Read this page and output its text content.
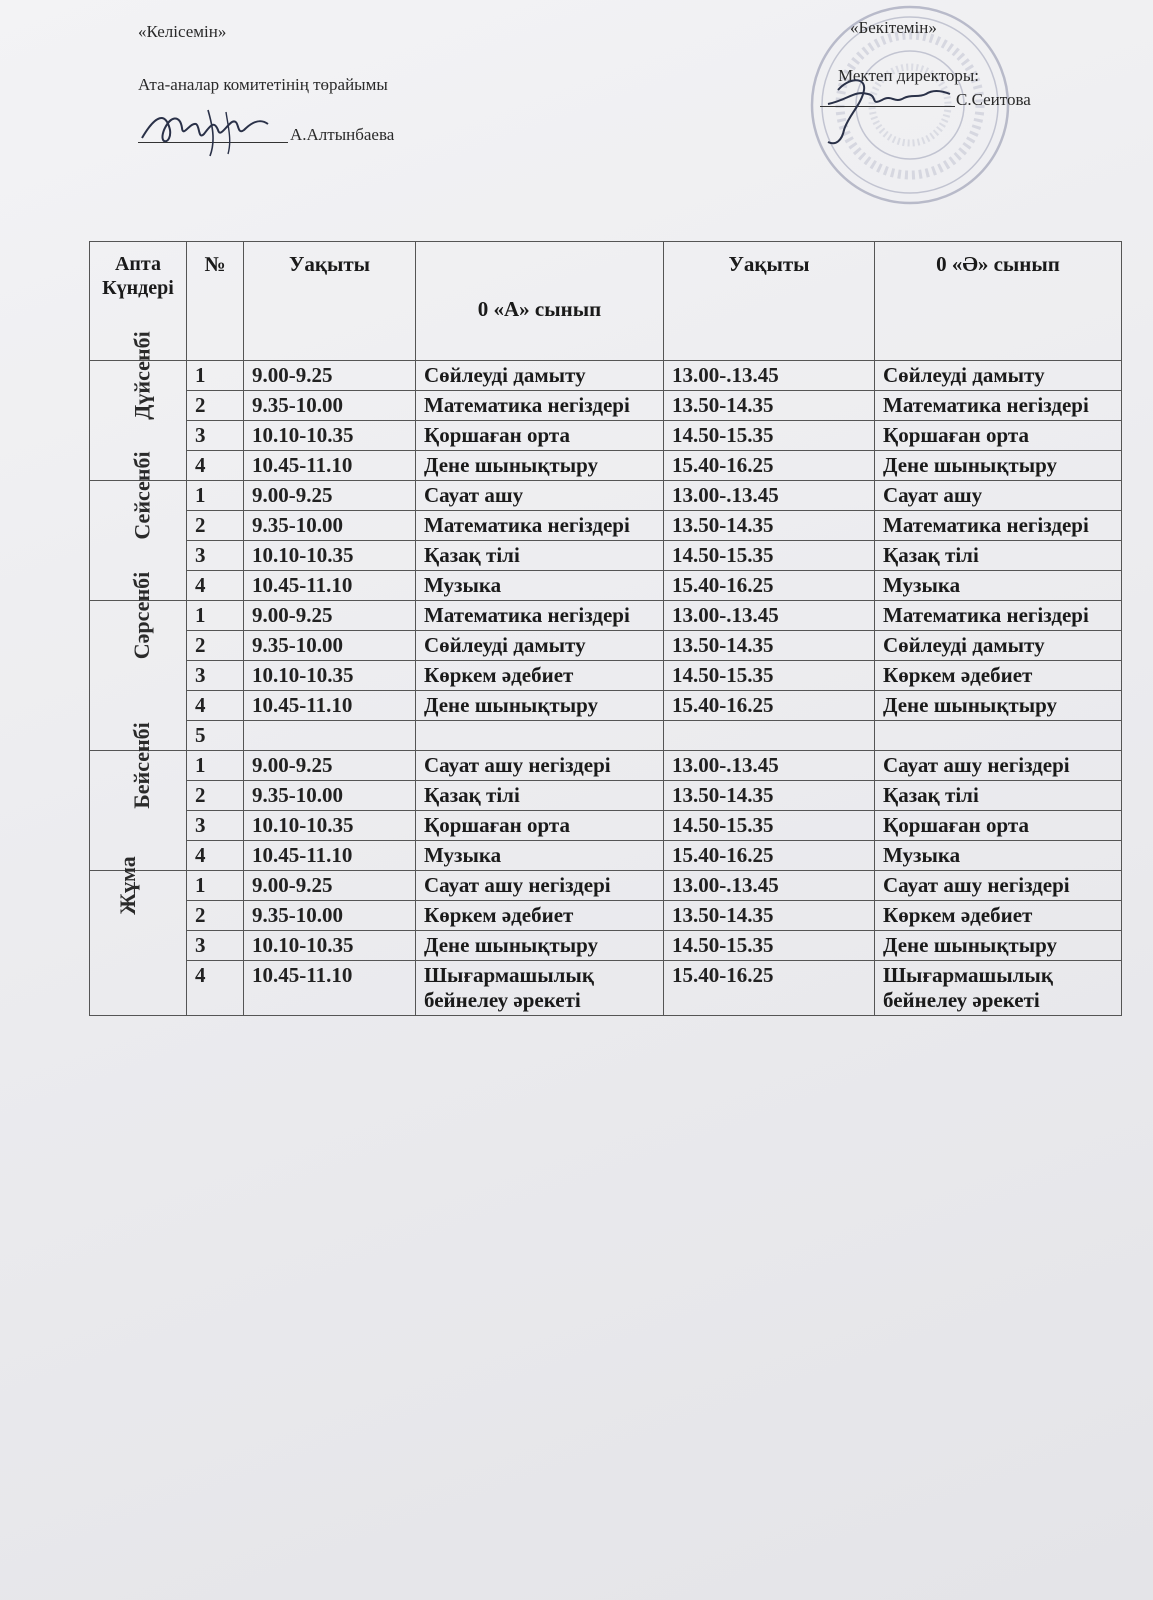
«Келісемін»
Ата-аналар комитетінің төрайымы
А.Алтынбаева
«Бекітемін»
Мектеп директоры:
С.Сеитова
Апта Күндері	№	Уақыты	0 «А» сынып	Уақыты	0 «Ә» сынып
Дүйсенбі	1	9.00-9.25	Сөйлеуді дамыту	13.00-.13.45	Сөйлеуді дамыту
	2	9.35-10.00	Математика негіздері	13.50-14.35	Математика негіздері
	3	10.10-10.35	Қоршаған орта	14.50-15.35	Қоршаған орта
	4	10.45-11.10	Дене шынықтыру	15.40-16.25	Дене шынықтыру
Сейсенбі	1	9.00-9.25	Сауат ашу	13.00-.13.45	Сауат ашу
	2	9.35-10.00	Математика негіздері	13.50-14.35	Математика негіздері
	3	10.10-10.35	Қазақ тілі	14.50-15.35	Қазақ тілі
	4	10.45-11.10	Музыка	15.40-16.25	Музыка
Сәрсенбі	1	9.00-9.25	Математика негіздері	13.00-.13.45	Математика негіздері
	2	9.35-10.00	Сөйлеуді дамыту	13.50-14.35	Сөйлеуді дамыту
	3	10.10-10.35	Көркем әдебиет	14.50-15.35	Көркем әдебиет
	4	10.45-11.10	Дене шынықтыру	15.40-16.25	Дене шынықтыру
	5				
Бейсенбі	1	9.00-9.25	Сауат ашу негіздері	13.00-.13.45	Сауат ашу негіздері
	2	9.35-10.00	Қазақ тілі	13.50-14.35	Қазақ тілі
	3	10.10-10.35	Қоршаған орта	14.50-15.35	Қоршаған орта
	4	10.45-11.10	Музыка	15.40-16.25	Музыка
Жұма	1	9.00-9.25	Сауат ашу негіздері	13.00-.13.45	Сауат ашу негіздері
	2	9.35-10.00	Көркем әдебиет	13.50-14.35	Көркем әдебиет
	3	10.10-10.35	Дене шынықтыру	14.50-15.35	Дене шынықтыру
	4	10.45-11.10	Шығармашылық бейнелеу әрекеті	15.40-16.25	Шығармашылық бейнелеу әрекеті
